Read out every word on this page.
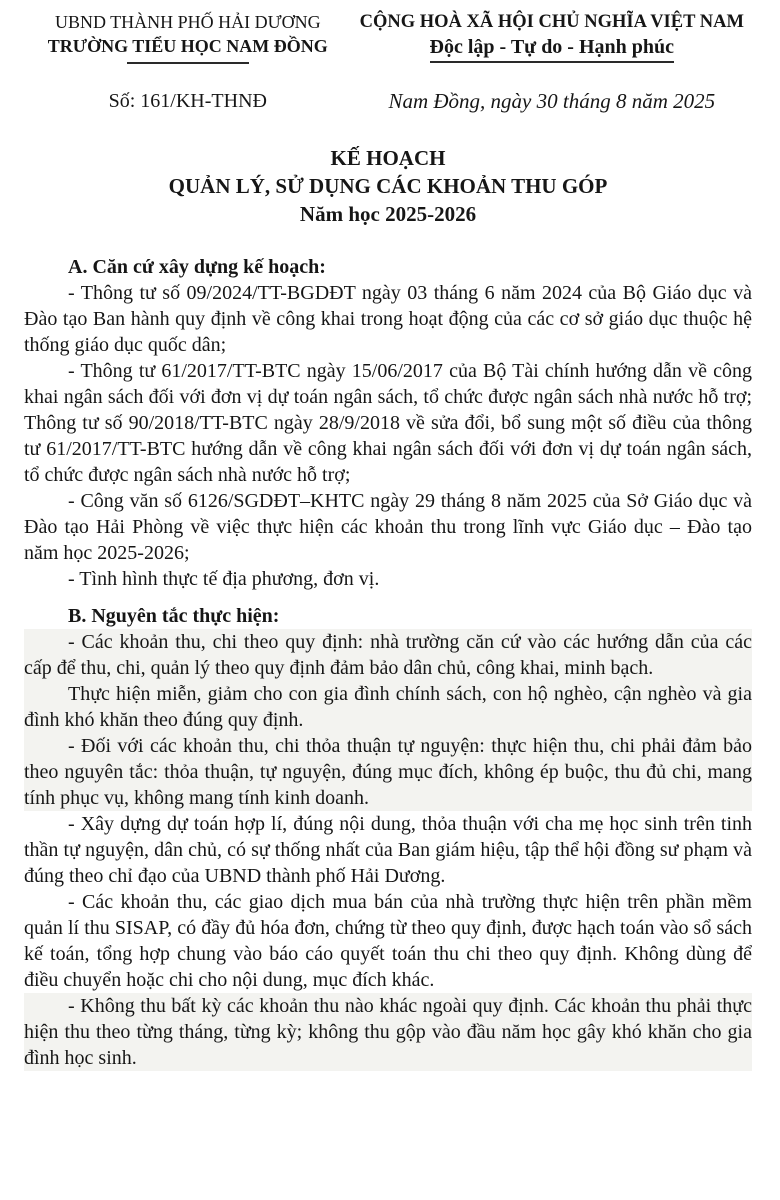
UBND THÀNH PHỐ HẢI DƯƠNG
TRƯỜNG TIỂU HỌC NAM ĐỒNG
CỘNG HOÀ XÃ HỘI CHỦ NGHĨA VIỆT NAM
Độc lập - Tự do - Hạnh phúc
Số: 161/KH-THNĐ	Nam Đồng, ngày 30 tháng 8 năm 2025
KẾ HOẠCH
QUẢN LÝ, SỬ DỤNG CÁC KHOẢN THU GÓP
Năm học 2025-2026

A. Căn cứ xây dựng kế hoạch:

- Thông tư số 09/2024/TT-BGDĐT ngày 03 tháng 6 năm 2024 của Bộ Giáo dục và Đào tạo Ban hành quy định về công khai trong hoạt động của các cơ sở giáo dục thuộc hệ thống giáo dục quốc dân;

- Thông tư 61/2017/TT-BTC ngày 15/06/2017 của Bộ Tài chính hướng dẫn về công khai ngân sách đối với đơn vị dự toán ngân sách, tổ chức được ngân sách nhà nước hỗ trợ; Thông tư số 90/2018/TT-BTC ngày 28/9/2018 về sửa đổi, bổ sung một số điều của thông tư 61/2017/TT-BTC hướng dẫn về công khai ngân sách đối với đơn vị dự toán ngân sách, tổ chức được ngân sách nhà nước hỗ trợ;

- Công văn số 6126/SGDĐT–KHTC ngày 29 tháng 8 năm 2025 của Sở Giáo dục và Đào tạo Hải Phòng về việc thực hiện các khoản thu trong lĩnh vực Giáo dục – Đào tạo năm học 2025-2026;

- Tình hình thực tế địa phương, đơn vị.

B. Nguyên tắc thực hiện:

- Các khoản thu, chi theo quy định: nhà trường căn cứ vào các hướng dẫn của các cấp để thu, chi, quản lý theo quy định đảm bảo dân chủ, công khai, minh bạch.

Thực hiện miễn, giảm cho con gia đình chính sách, con hộ nghèo, cận nghèo và gia đình khó khăn theo đúng quy định.

- Đối với các khoản thu, chi thỏa thuận tự nguyện: thực hiện thu, chi phải đảm bảo theo nguyên tắc: thỏa thuận, tự nguyện, đúng mục đích, không ép buộc, thu đủ chi, mang tính phục vụ, không mang tính kinh doanh.

- Xây dựng dự toán hợp lí, đúng nội dung, thỏa thuận với cha mẹ học sinh trên tinh thần tự nguyện, dân chủ, có sự thống nhất của Ban giám hiệu, tập thể hội đồng sư phạm và đúng theo chỉ đạo của UBND thành phố Hải Dương.

- Các khoản thu, các giao dịch mua bán của nhà trường thực hiện trên phần mềm quản lí thu SISAP, có đầy đủ hóa đơn, chứng từ theo quy định, được hạch toán vào sổ sách kế toán, tổng hợp chung vào báo cáo quyết toán thu chi theo quy định. Không dùng để điều chuyển hoặc chi cho nội dung, mục đích khác.

- Không thu bất kỳ các khoản thu nào khác ngoài quy định. Các khoản thu phải thực hiện thu theo từng tháng, từng kỳ; không thu gộp vào đầu năm học gây khó khăn cho gia đình học sinh.
